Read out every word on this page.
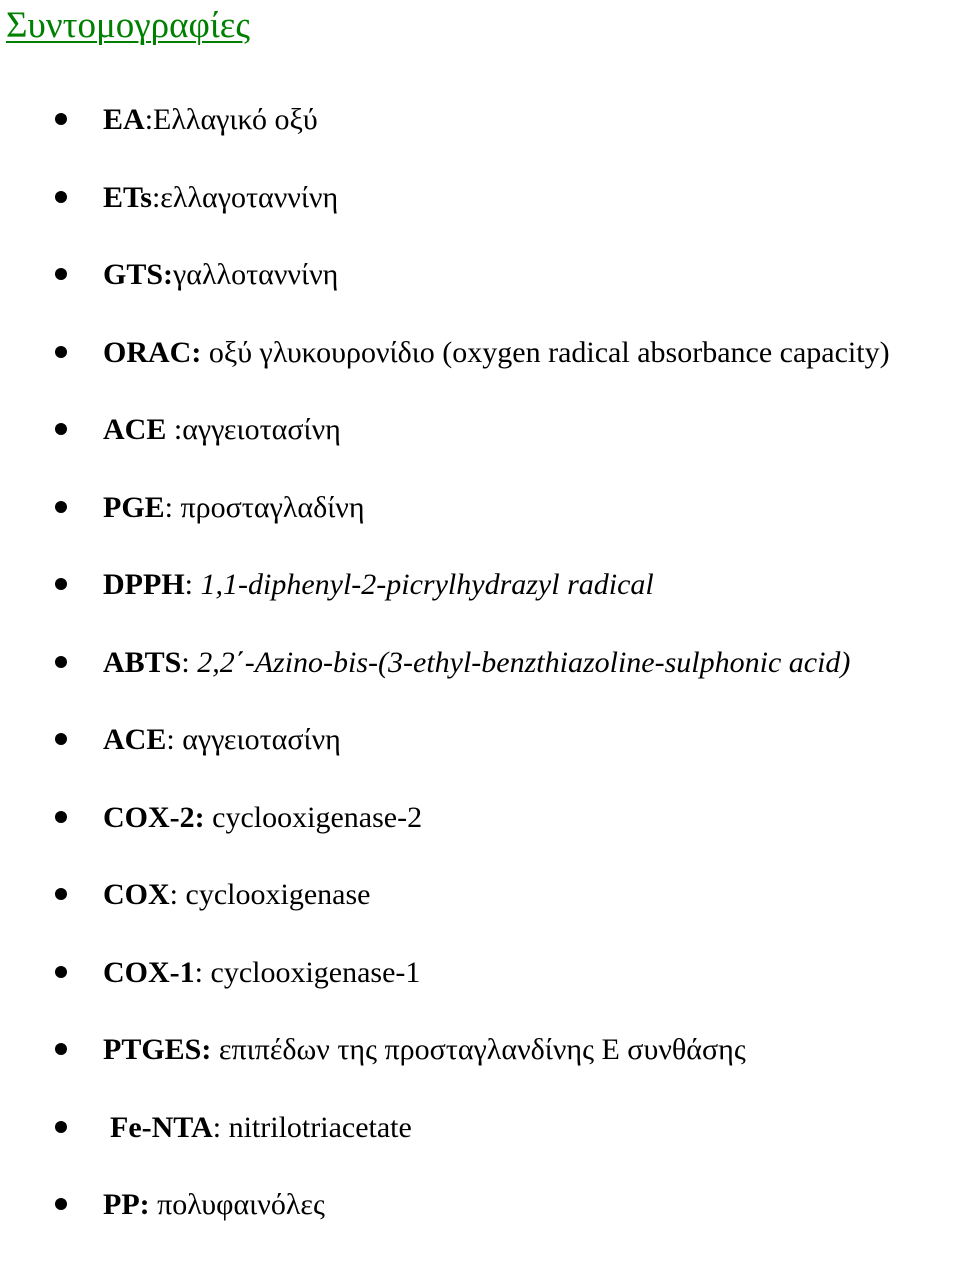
Συντομογραφίες
EA:Ελλαγικό οξύ
ETs:ελλαγοταννίνη
GTS:γαλλοταννίνη
ORAC: οξύ γλυκουρονίδιο (oxygen radical absorbance capacity)
ACE :αγγειοτασίνη
PGE: προσταγλαδίνη
DPPH: 1,1-diphenyl-2-picrylhydrazyl radical
ABTS: 2,2΄-Azino-bis-(3-ethyl-benzthiazoline-sulphonic acid)
ACE: αγγειοτασίνη
COX-2: cyclooxigenase-2
COX: cyclooxigenase
COX-1: cyclooxigenase-1
PTGES: επιπέδων της προσταγλανδίνης Ε συνθάσης
Fe-NTA: nitrilotriacetate
PP: πολυφαινόλες
